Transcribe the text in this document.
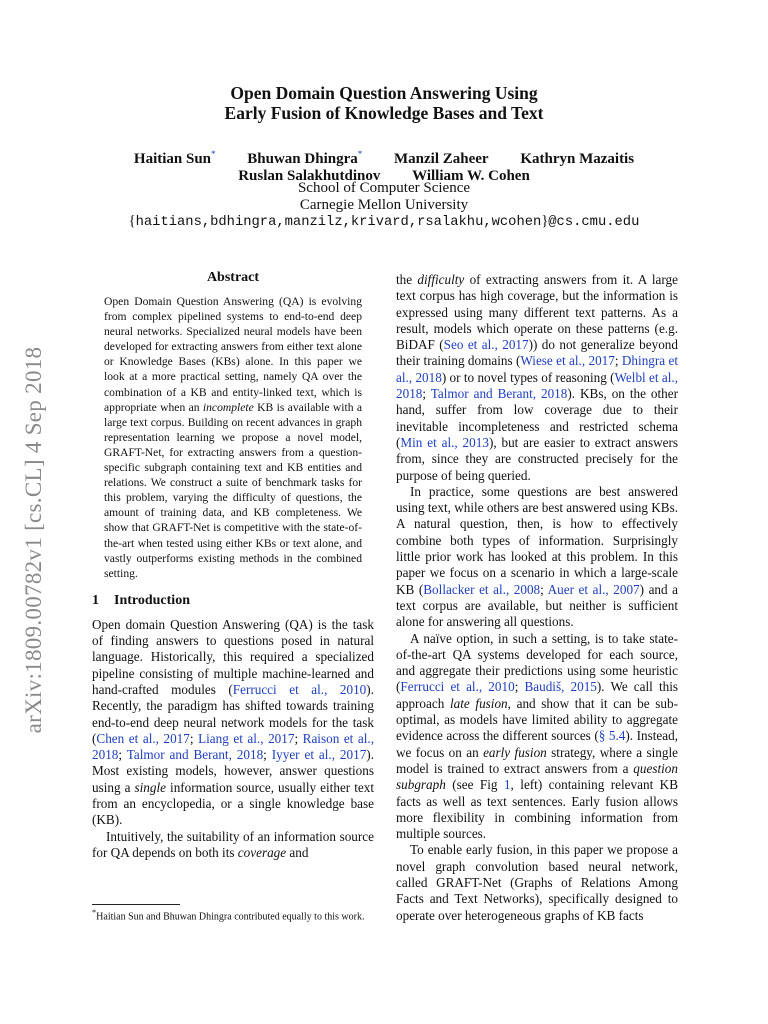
arXiv:1809.00782v1 [cs.CL] 4 Sep 2018
Open Domain Question Answering Using
Early Fusion of Knowledge Bases and Text
Haitian Sun* Bhuwan Dhingra* Manzil Zaheer Kathryn Mazaitis
Ruslan Salakhutdinov William W. Cohen
School of Computer Science
Carnegie Mellon University
{haitians,bdhingra,manzilz,krivard,rsalakhu,wcohen}@cs.cmu.edu
Abstract

Open Domain Question Answering (QA) is evolving from complex pipelined systems to end-to-end deep neural networks. Specialized neural models have been developed for extracting answers from either text alone or Knowledge Bases (KBs) alone. In this paper we look at a more practical setting, namely QA over the combination of a KB and entity-linked text, which is appropriate when an incomplete KB is available with a large text corpus. Building on recent advances in graph representation learning we propose a novel model, GRAFT-Net, for extracting answers from a question-specific subgraph containing text and KB entities and relations. We construct a suite of benchmark tasks for this problem, varying the difficulty of questions, the amount of training data, and KB completeness. We show that GRAFT-Net is competitive with the state-of-the-art when tested using either KBs or text alone, and vastly outperforms existing methods in the combined setting.

1 Introduction

Open domain Question Answering (QA) is the task of finding answers to questions posed in natural language. Historically, this required a specialized pipeline consisting of multiple machine-learned and hand-crafted modules (Ferrucci et al., 2010). Recently, the paradigm has shifted towards training end-to-end deep neural network models for the task (Chen et al., 2017; Liang et al., 2017; Raison et al., 2018; Talmor and Berant, 2018; Iyyer et al., 2017). Most existing models, however, answer questions using a single information source, usually either text from an encyclopedia, or a single knowledge base (KB).

Intuitively, the suitability of an information source for QA depends on both its coverage and

the difficulty of extracting answers from it. A large text corpus has high coverage, but the information is expressed using many different text patterns. As a result, models which operate on these patterns (e.g. BiDAF (Seo et al., 2017)) do not generalize beyond their training domains (Wiese et al., 2017; Dhingra et al., 2018) or to novel types of reasoning (Welbl et al., 2018; Talmor and Berant, 2018). KBs, on the other hand, suffer from low coverage due to their inevitable incompleteness and restricted schema (Min et al., 2013), but are easier to extract answers from, since they are constructed precisely for the purpose of being queried.

In practice, some questions are best answered using text, while others are best answered using KBs. A natural question, then, is how to effectively combine both types of information. Surprisingly little prior work has looked at this problem. In this paper we focus on a scenario in which a large-scale KB (Bollacker et al., 2008; Auer et al., 2007) and a text corpus are available, but neither is sufficient alone for answering all questions.

A naïve option, in such a setting, is to take state-of-the-art QA systems developed for each source, and aggregate their predictions using some heuristic (Ferrucci et al., 2010; Baudiš, 2015). We call this approach late fusion, and show that it can be sub-optimal, as models have limited ability to aggregate evidence across the different sources (§ 5.4). Instead, we focus on an early fusion strategy, where a single model is trained to extract answers from a question subgraph (see Fig 1, left) containing relevant KB facts as well as text sentences. Early fusion allows more flexibility in combining information from multiple sources.

To enable early fusion, in this paper we propose a novel graph convolution based neural network, called GRAFT-Net (Graphs of Relations Among Facts and Text Networks), specifically designed to operate over heterogeneous graphs of KB facts

*Haitian Sun and Bhuwan Dhingra contributed equally to this work.
